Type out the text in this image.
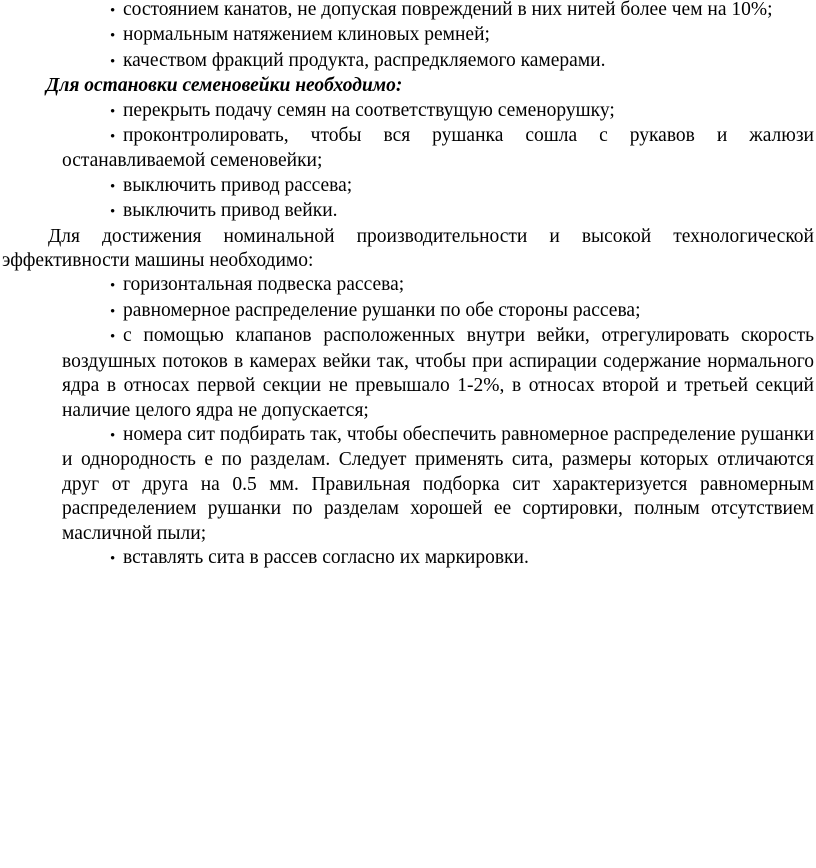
• состоянием канатов, не допуская повреждений в них нитей более чем на 10%;

• нормальным натяжением клиновых ремней;

• качеством фракций продукта, распредкляемого камерами.

Для остановки семеновейки необходимо:

• перекрыть подачу семян на соответствущую семенорушку;

• проконтролировать, чтобы вся рушанка сошла с рукавов и жалюзи останавливаемой семеновейки;

• выключить привод рассева;

• выключить привод вейки.

Для достижения номинальной производительности и высокой технологической эффективности машины необходимо:

• горизонтальная подвеска рассева;

• равномерное распределение рушанки по обе стороны рассева;

• с помощью клапанов расположенных внутри вейки, отрегулировать скорость воздушных потоков в камерах вейки так, чтобы при аспирации содержание нормального ядра в относах первой секции не превышало 1-2%, в относах второй и третьей секций наличие целого ядра не допускается;

• номера сит подбирать так, чтобы обеспечить равномерное распределение рушанки и однородность е по разделам. Следует применять сита, размеры которых отличаются друг от друга на 0.5 мм. Правильная подборка сит характеризуется равномерным распределением рушанки по разделам хорошей ее сортировки, полным отсутствием масличной пыли;

• вставлять сита в рассев согласно их маркировки.
